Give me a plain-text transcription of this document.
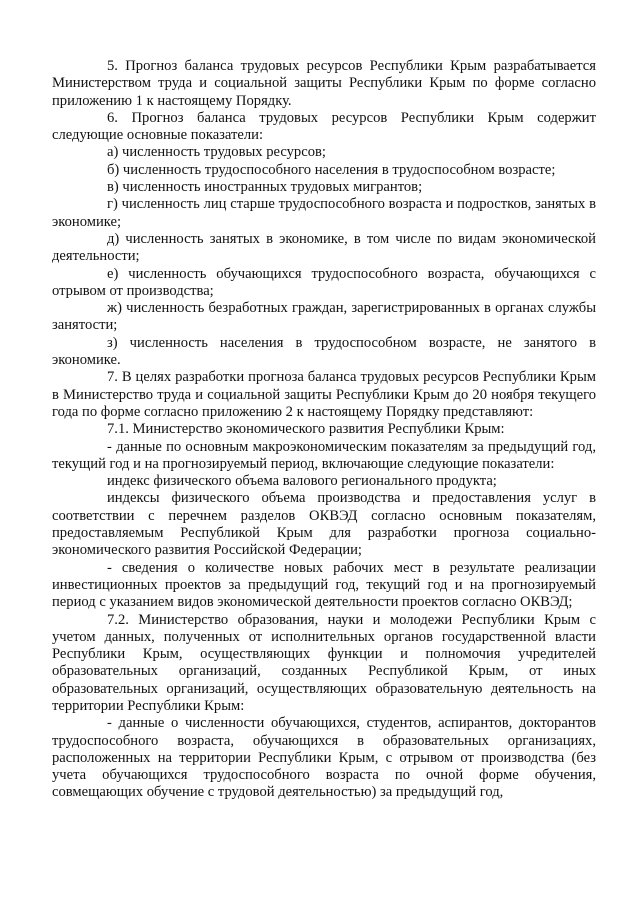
5. Прогноз баланса трудовых ресурсов Республики Крым разрабатывается Министерством труда и социальной защиты Республики Крым по форме согласно приложению 1 к настоящему Порядку.

6. Прогноз баланса трудовых ресурсов Республики Крым содержит следующие основные показатели:

а) численность трудовых ресурсов;

б) численность трудоспособного населения в трудоспособном возрасте;

в) численность иностранных трудовых мигрантов;

г) численность лиц старше трудоспособного возраста и подростков, занятых в экономике;

д) численность занятых в экономике, в том числе по видам экономической деятельности;

е) численность обучающихся трудоспособного возраста, обучающихся с отрывом от производства;

ж) численность безработных граждан, зарегистрированных в органах службы занятости;

з) численность населения в трудоспособном возрасте, не занятого в экономике.

7. В целях разработки прогноза баланса трудовых ресурсов Республики Крым в Министерство труда и социальной защиты Республики Крым до 20 ноября текущего года по форме согласно приложению 2 к настоящему Порядку представляют:

7.1. Министерство экономического развития Республики Крым:

- данные по основным макроэкономическим показателям за предыдущий год, текущий год и на прогнозируемый период, включающие следующие показатели:

индекс физического объема валового регионального продукта;

индексы физического объема производства и предоставления услуг в соответствии с перечнем разделов ОКВЭД согласно основным показателям, предоставляемым Республикой Крым для разработки прогноза социально-экономического развития Российской Федерации;

- сведения о количестве новых рабочих мест в результате реализации инвестиционных проектов за предыдущий год, текущий год и на прогнозируемый период с указанием видов экономической деятельности проектов согласно ОКВЭД;

7.2. Министерство образования, науки и молодежи Республики Крым с учетом данных, полученных от исполнительных органов государственной власти Республики Крым, осуществляющих функции и полномочия учредителей образовательных организаций, созданных Республикой Крым, от иных образовательных организаций, осуществляющих образовательную деятельность на территории Республики Крым:

- данные о численности обучающихся, студентов, аспирантов, докторантов трудоспособного возраста, обучающихся в образовательных организациях, расположенных на территории Республики Крым, с отрывом от производства (без учета обучающихся трудоспособного возраста по очной форме обучения, совмещающих обучение с трудовой деятельностью) за предыдущий год,
